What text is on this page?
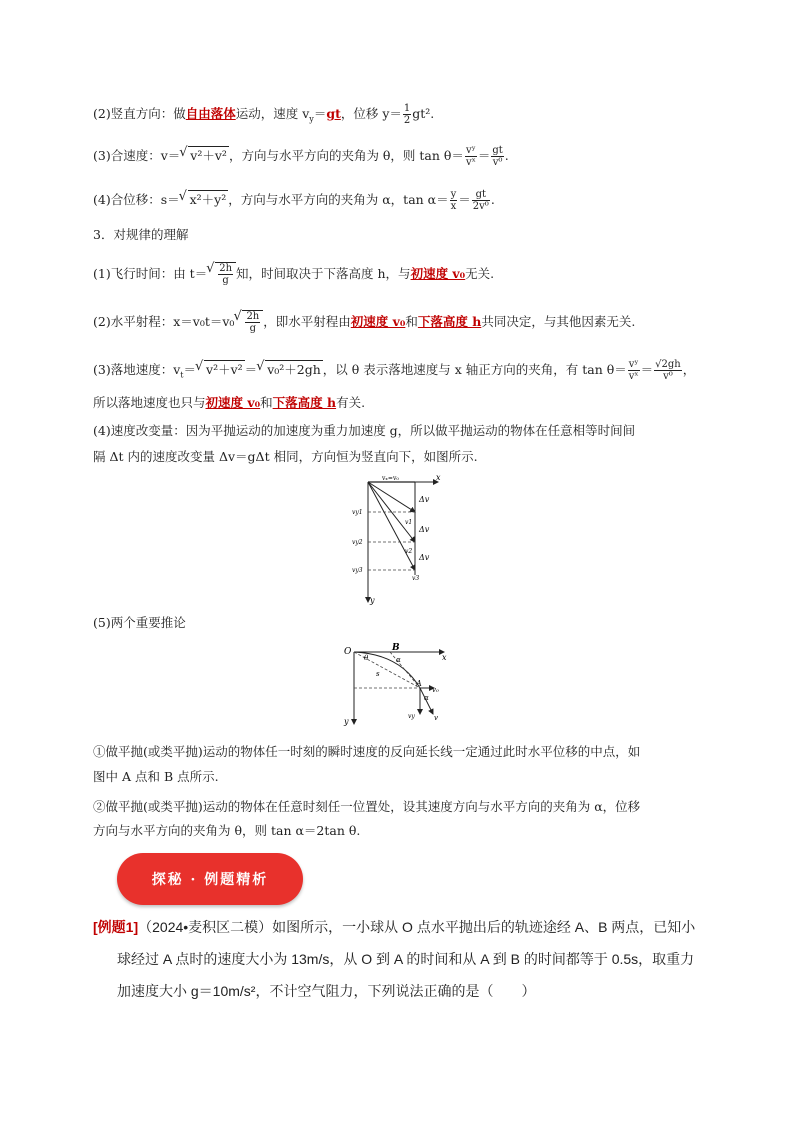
(2)竖直方向：做自由落体运动，速度 $v_y=gt$，位移 $y= \frac{1}{2} gt^2$.
(3)合速度：v＝√ v²＋v² ，方向与水平方向的夹角为 θ，则 $\tan \theta= \frac{\text{vʸ}}{\text{vˣ}} = \frac{gt}{\text{v⁰}}$ .
(4)合位移：s＝√ x²＋y² ，方向与水平方向的夹角为 α，$\tan \alpha= \frac{y}{x} = \frac{gt}{\text{2v⁰}}$ .
3．对规律的理解
(1)飞行时间：由 t＝
√ $\frac{2h}{g}$ 知，时间取决于下落高度 h，与初速度 v₀无关.
(2)水平射程：x＝v₀t＝v₀
√ $\frac{2h}{g}$ ，即水平射程由初速度 v₀和下落高度 h共同决定，与其他因素无关.
(3)落地速度：$v_t=√$ v²＋v² ＝√ v₀²＋2gh ，以 θ 表示落地速度与 x 轴正方向的夹角，有 $\tan \theta= \frac{\text{vʸ}}{\text{vˣ}} = \frac{√2gh}{\text{v⁰}}$ ，
所以落地速度也只与初速度 v₀和下落高度 h有关.
(4)速度改变量：因为平抛运动的加速度为重力加速度 g，所以做平抛运动的物体在任意相等时间间
隔 Δt 内的速度改变量 Δv＝gΔt 相同，方向恒为竖直向下，如图所示.
x
y
vₓ=v₀
Δv
Δv
Δv
vy1
vy2
vy3
v1
v2
v3
(5)两个重要推论
O
x
y
B
A
α
θ
s
v₀
vy	v
α
①做平抛(或类平抛)运动的物体任一时刻的瞬时速度的反向延长线一定通过此时水平位移的中点，如
图中 A 点和 B 点所示.
②做平抛(或类平抛)运动的物体在任意时刻任一位置处，设其速度方向与水平方向的夹角为 α，位移
方向与水平方向的夹角为 θ，则 tan α＝2tan θ.
探秘 · 例题精析
[例题1]（2024•麦积区二模）如图所示，一小球从 O 点水平抛出后的轨迹途经 A、B 两点，已知小
球经过 A 点时的速度大小为 13m/s，从 O 到 A 的时间和从 A 到 B 的时间都等于 0.5s，取重力
加速度大小 g＝10m/s²，不计空气阻力，下列说法正确的是（　　）
